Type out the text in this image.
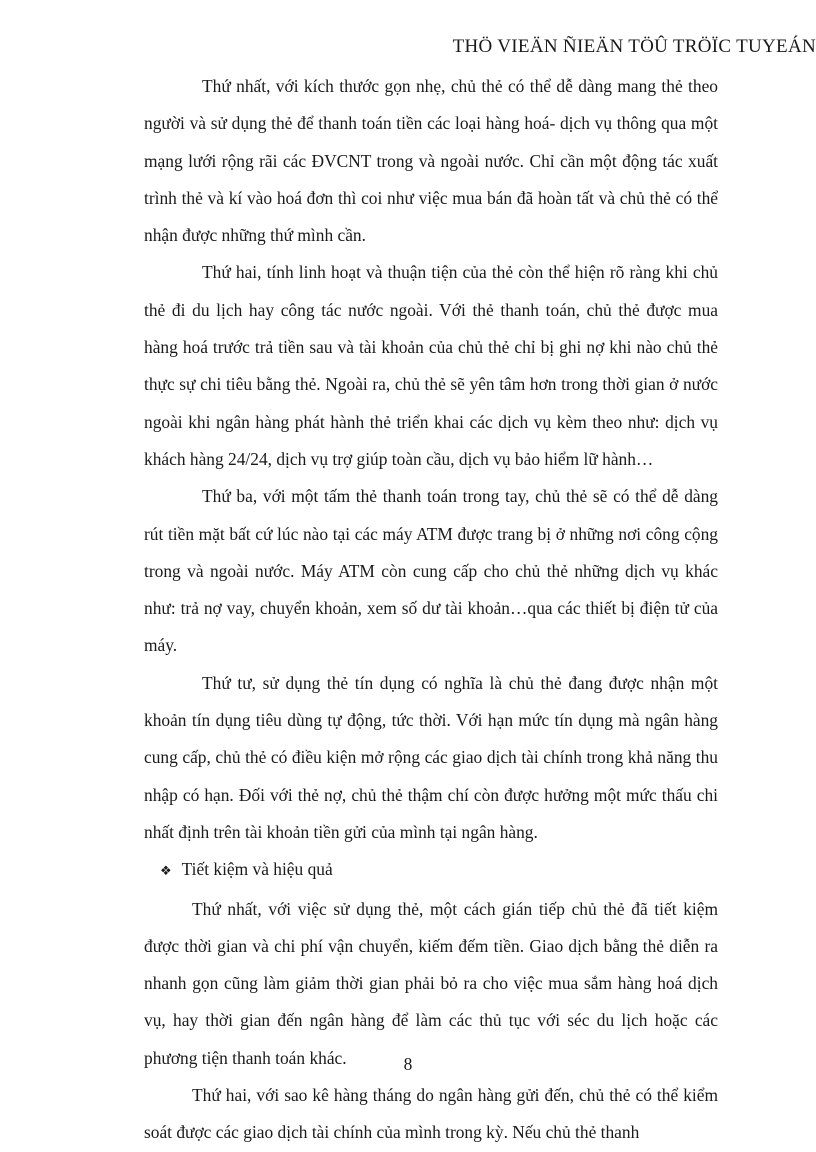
THÖ VIEÄN ÑIEÄN TÖÛ TRÖÏC TUYEÁN

Thứ nhất, với kích thước gọn nhẹ, chủ thẻ có thể dễ dàng mang thẻ theo người và sử dụng thẻ để thanh toán tiền các loại hàng hoá- dịch vụ thông qua một mạng lưới rộng rãi các ĐVCNT trong và ngoài nước. Chỉ cần một động tác xuất trình thẻ và kí vào hoá đơn thì coi như việc mua bán đã hoàn tất và chủ thẻ có thể nhận được những thứ mình cần.

Thứ hai, tính linh hoạt và thuận tiện của thẻ còn thể hiện rõ ràng khi chủ thẻ đi du lịch hay công tác nước ngoài. Với thẻ thanh toán, chủ thẻ được mua hàng hoá trước trả tiền sau và tài khoản của chủ thẻ chỉ bị ghi nợ khi nào chủ thẻ thực sự chi tiêu bằng thẻ. Ngoài ra, chủ thẻ sẽ yên tâm hơn trong thời gian ở nước ngoài khi ngân hàng phát hành thẻ triển khai các dịch vụ kèm theo như: dịch vụ khách hàng 24/24, dịch vụ trợ giúp toàn cầu, dịch vụ bảo hiểm lữ hành…

Thứ ba, với một tấm thẻ thanh toán trong tay, chủ thẻ sẽ có thể dễ dàng rút tiền mặt bất cứ lúc nào tại các máy ATM được trang bị ở những nơi công cộng trong và ngoài nước. Máy ATM còn cung cấp cho chủ thẻ những dịch vụ khác như: trả nợ vay, chuyển khoản, xem số dư tài khoản…qua các thiết bị điện tử của máy.

Thứ tư, sử dụng thẻ tín dụng có nghĩa là chủ thẻ đang được nhận một khoản tín dụng tiêu dùng tự động, tức thời. Với hạn mức tín dụng mà ngân hàng cung cấp, chủ thẻ có điều kiện mở rộng các giao dịch tài chính trong khả năng thu nhập có hạn. Đối với thẻ nợ, chủ thẻ thậm chí còn được hưởng một mức thấu chi nhất định trên tài khoản tiền gửi của mình tại ngân hàng.

❖ Tiết kiệm và hiệu quả

Thứ nhất, với việc sử dụng thẻ, một cách gián tiếp chủ thẻ đã tiết kiệm được thời gian và chi phí vận chuyển, kiếm đếm tiền. Giao dịch bằng thẻ diễn ra nhanh gọn cũng làm giảm thời gian phải bỏ ra cho việc mua sắm hàng hoá dịch vụ, hay thời gian đến ngân hàng để làm các thủ tục với séc du lịch hoặc các phương tiện thanh toán khác.

Thứ hai, với sao kê hàng tháng do ngân hàng gửi đến, chủ thẻ có thể kiểm soát được các giao dịch tài chính của mình trong kỳ. Nếu chủ thẻ thanh

8
